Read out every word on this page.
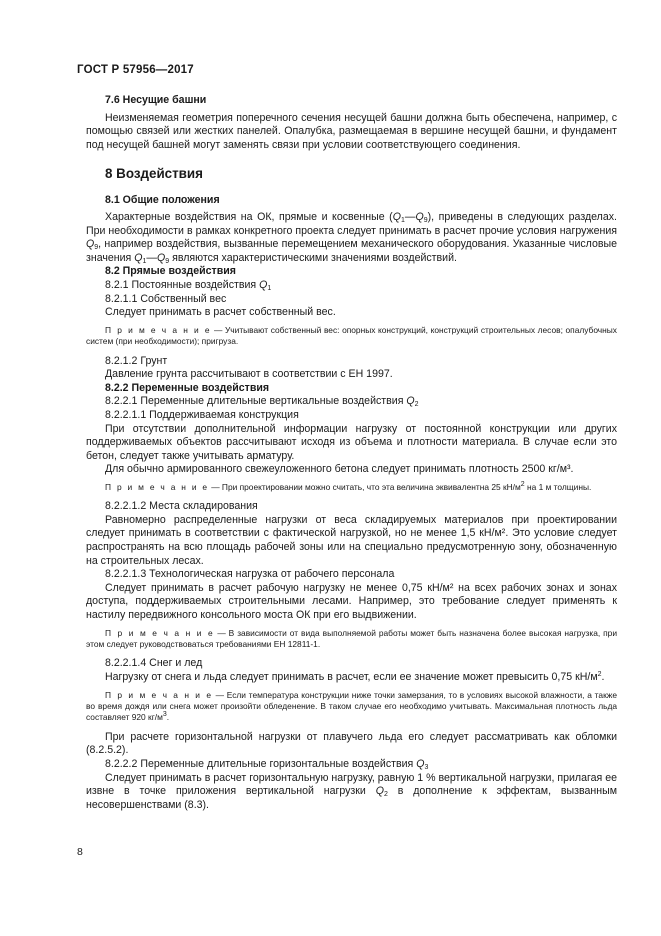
ГОСТ Р 57956—2017

7.6 Несущие башни

Неизменяемая геометрия поперечного сечения несущей башни должна быть обеспечена, например, с помощью связей или жестких панелей. Опалубка, размещаемая в вершине несущей башни, и фундамент под несущей башней могут заменять связи при условии соответствующего соединения.

8 Воздействия

8.1 Общие положения

Характерные воздействия на ОК, прямые и косвенные $(Q_1—Q_9)$, приведены в следующих разделах. При необходимости в рамках конкретного проекта следует принимать в расчет прочие условия нагружения $Q_9$, например воздействия, вызванные перемещением механического оборудования. Указанные числовые значения $Q_1—Q_9$ являются характеристическими значениями воздействий.

8.2 Прямые воздействия

8.2.1 Постоянные воздействия $Q_1$

8.2.1.1 Собственный вес

Следует принимать в расчет собственный вес.

П р и м е ч а н и е — Учитывают собственный вес: опорных конструкций, конструкций строительных лесов; опалубочных систем (при необходимости); пригруза.

8.2.1.2 Грунт

Давление грунта рассчитывают в соответствии с ЕН 1997.

8.2.2 Переменные воздействия

8.2.2.1 Переменные длительные вертикальные воздействия $Q_2$

8.2.2.1.1 Поддерживаемая конструкция

При отсутствии дополнительной информации нагрузку от постоянной конструкции или других поддерживаемых объектов рассчитывают исходя из объема и плотности материала. В случае если это бетон, следует также учитывать арматуру.

Для обычно армированного свежеуложенного бетона следует принимать плотность 2500 кг/м³.

П р и м е ч а н и е — При проектировании можно считать, что эта величина эквивалентна 25 $кН/м^2$ на 1 м толщины.

8.2.2.1.2 Места складирования

Равномерно распределенные нагрузки от веса складируемых материалов при проектировании следует принимать в соответствии с фактической нагрузкой, но не менее 1,5 кН/м². Это условие следует распространять на всю площадь рабочей зоны или на специально предусмотренную зону, обозначенную на строительных лесах.

8.2.2.1.3 Технологическая нагрузка от рабочего персонала

Следует принимать в расчет рабочую нагрузку не менее 0,75 кН/м² на всех рабочих зонах и зонах доступа, поддерживаемых строительными лесами. Например, это требование следует применять к настилу передвижного консольного моста ОК при его выдвижении.

П р и м е ч а н и е — В зависимости от вида выполняемой работы может быть назначена более высокая нагрузка, при этом следует руководствоваться требованиями ЕН 12811-1.

8.2.2.1.4 Снег и лед

Нагрузку от снега и льда следует принимать в расчет, если ее значение может превысить 0,75 $кН/м^2$.

П р и м е ч а н и е — Если температура конструкции ниже точки замерзания, то в условиях высокой влажности, а также во время дождя или снега может произойти обледенение. В таком случае его необходимо учитывать. Максимальная плотность льда составляет 920 $кг/м^3$.

При расчете горизонтальной нагрузки от плавучего льда его следует рассматривать как обломки (8.2.5.2).

8.2.2.2 Переменные длительные горизонтальные воздействия $Q_3$

Следует принимать в расчет горизонтальную нагрузку, равную 1 % вертикальной нагрузки, прилагая ее извне в точке приложения вертикальной нагрузки $Q_2$ в дополнение к эффектам, вызванным несовершенствами (8.3).

8
